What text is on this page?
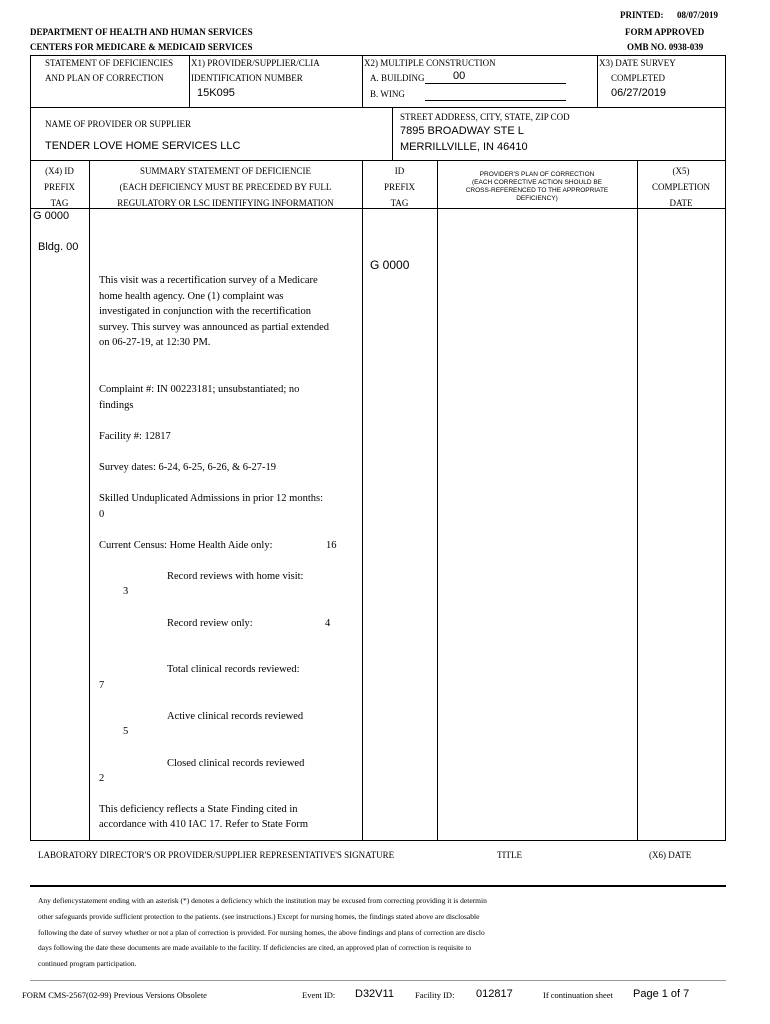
PRINTED: 08/07/2019
DEPARTMENT OF HEALTH AND HUMAN SERVICES	FORM APPROVED
CENTERS FOR MEDICARE & MEDICAID SERVICES	OMB NO. 0938-039
STATEMENT OF DEFICIENCIES
AND PLAN OF CORRECTION
X1) PROVIDER/SUPPLIER/CLIA
IDENTIFICATION NUMBER
15K095
X2) MULTIPLE CONSTRUCTION
A. BUILDING	00
B. WING
X3) DATE SURVEY
COMPLETED
06/27/2019
NAME OF PROVIDER OR SUPPLIER
TENDER LOVE HOME SERVICES LLC
STREET ADDRESS, CITY, STATE, ZIP COD
7895 BROADWAY STE L
MERRILLVILLE, IN 46410
(X4) ID
PREFIX
TAG
SUMMARY STATEMENT OF DEFICIENCIE
(EACH DEFICIENCY MUST BE PRECEDED BY FULL
REGULATORY OR LSC IDENTIFYING INFORMATION
ID
PREFIX
TAG
PROVIDER'S PLAN OF CORRECTION
(EACH CORRECTIVE ACTION SHOULD BE
CROSS-REFERENCED TO THE APPROPRIATE
DEFICIENCY)
(X5)
COMPLETION
DATE
G 0000
Bldg. 00
G 0000
This visit was a recertification survey of a Medicare home health agency. One (1) complaint was investigated in conjunction with the recertification survey. This survey was announced as partial extended on 06-27-19, at 12:30 PM.
Complaint #: IN 00223181; unsubstantiated; no findings
Facility #: 12817
Survey dates: 6-24, 6-25, 6-26, & 6-27-19
Skilled Unduplicated Admissions in prior 12 months: 0
Current Census: Home Health Aide only:	16
Record reviews with home visit:
3
Record review only:	4
Total clinical records reviewed:
7
Active clinical records reviewed
5
Closed clinical records reviewed
2
This deficiency reflects a State Finding cited in
accordance with 410 IAC 17. Refer to State Form
LABORATORY DIRECTOR'S OR PROVIDER/SUPPLIER REPRESENTATIVE'S SIGNATURE	TITLE	(X6) DATE
Any defiencystatement ending with an asterisk (*) denotes a deficiency which the institution may be excused from correcting providing it is determin
other safeguards provide sufficient protection to the patients. (see instructions.) Except for nursing homes, the findings stated above are disclosable
following the date of survey whether or not a plan of correction is provided. For nursing homes, the above findings and plans of correction are disclo
days following the date these documents are made available to the facility. If deficiencies are cited, an approved plan of correction is requisite to
continued program participation.
FORM CMS-2567(02-99) Previous Versions Obsolete	Event ID: D32V11 Facility ID: 012817	If continuation sheet Page 1 of 7
